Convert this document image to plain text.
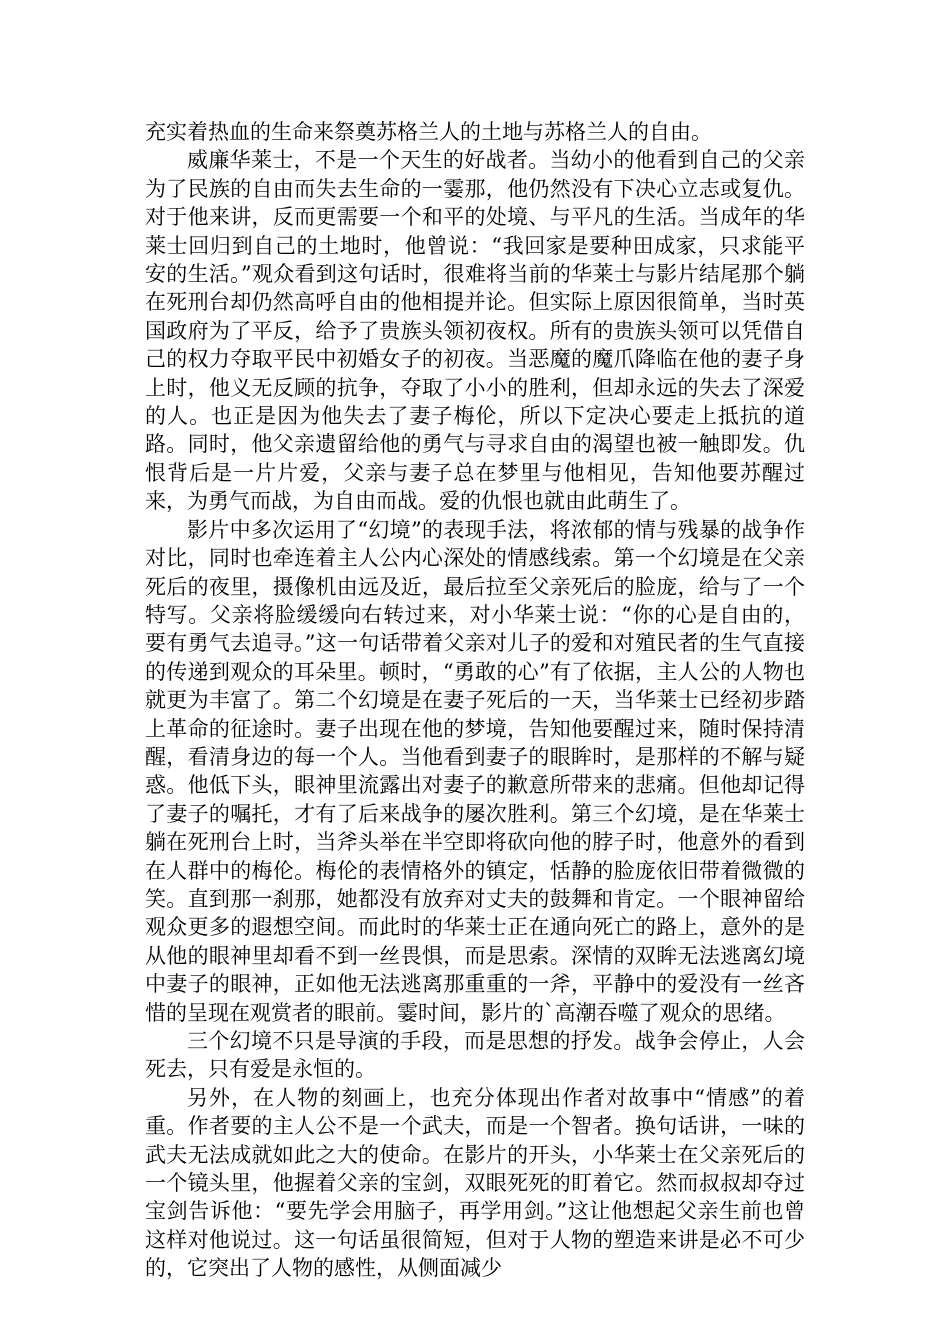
充实着热血的生命来祭奠苏格兰人的土地与苏格兰人的自由。

威廉华莱士，不是一个天生的好战者。当幼小的他看到自己的父亲为了民族的自由而失去生命的一霎那，他仍然没有下决心立志或复仇。对于他来讲，反而更需要一个和平的处境、与平凡的生活。当成年的华莱士回归到自己的土地时，他曾说：“我回家是要种田成家，只求能平安的生活。”观众看到这句话时，很难将当前的华莱士与影片结尾那个躺在死刑台却仍然高呼自由的他相提并论。但实际上原因很简单，当时英国政府为了平反，给予了贵族头领初夜权。所有的贵族头领可以凭借自己的权力夺取平民中初婚女子的初夜。当恶魔的魔爪降临在他的妻子身上时，他义无反顾的抗争，夺取了小小的胜利，但却永远的失去了深爱的人。也正是因为他失去了妻子梅伦，所以下定决心要走上抵抗的道路。同时，他父亲遗留给他的勇气与寻求自由的渴望也被一触即发。仇恨背后是一片片爱，父亲与妻子总在梦里与他相见，告知他要苏醒过来，为勇气而战，为自由而战。爱的仇恨也就由此萌生了。

影片中多次运用了“幻境”的表现手法，将浓郁的情与残暴的战争作对比，同时也牵连着主人公内心深处的情感线索。第一个幻境是在父亲死后的夜里，摄像机由远及近，最后拉至父亲死后的脸庞，给与了一个特写。父亲将脸缓缓向右转过来，对小华莱士说：“你的心是自由的，要有勇气去追寻。”这一句话带着父亲对儿子的爱和对殖民者的生气直接的传递到观众的耳朵里。顿时，“勇敢的心”有了依据，主人公的人物也就更为丰富了。第二个幻境是在妻子死后的一天，当华莱士已经初步踏上革命的征途时。妻子出现在他的梦境，告知他要醒过来，随时保持清醒，看清身边的每一个人。当他看到妻子的眼眸时，是那样的不解与疑惑。他低下头，眼神里流露出对妻子的歉意所带来的悲痛。但他却记得了妻子的嘱托，才有了后来战争的屡次胜利。第三个幻境，是在华莱士躺在死刑台上时，当斧头举在半空即将砍向他的脖子时，他意外的看到在人群中的梅伦。梅伦的表情格外的镇定，恬静的脸庞依旧带着微微的笑。直到那一刹那，她都没有放弃对丈夫的鼓舞和肯定。一个眼神留给观众更多的遐想空间。而此时的华莱士正在通向死亡的路上，意外的是从他的眼神里却看不到一丝畏惧，而是思索。深情的双眸无法逃离幻境中妻子的眼神，正如他无法逃离那重重的一斧，平静中的爱没有一丝吝惜的呈现在观赏者的眼前。霎时间，影片的`高潮吞噬了观众的思绪。

三个幻境不只是导演的手段，而是思想的抒发。战争会停止，人会死去，只有爱是永恒的。

另外，在人物的刻画上，也充分体现出作者对故事中“情感”的着重。作者要的主人公不是一个武夫，而是一个智者。换句话讲，一味的武夫无法成就如此之大的使命。在影片的开头，小华莱士在父亲死后的一个镜头里，他握着父亲的宝剑，双眼死死的盯着它。然而叔叔却夺过宝剑告诉他：“要先学会用脑子，再学用剑。”这让他想起父亲生前也曾这样对他说过。这一句话虽很简短，但对于人物的塑造来讲是必不可少的，它突出了人物的感性，从侧面减少
